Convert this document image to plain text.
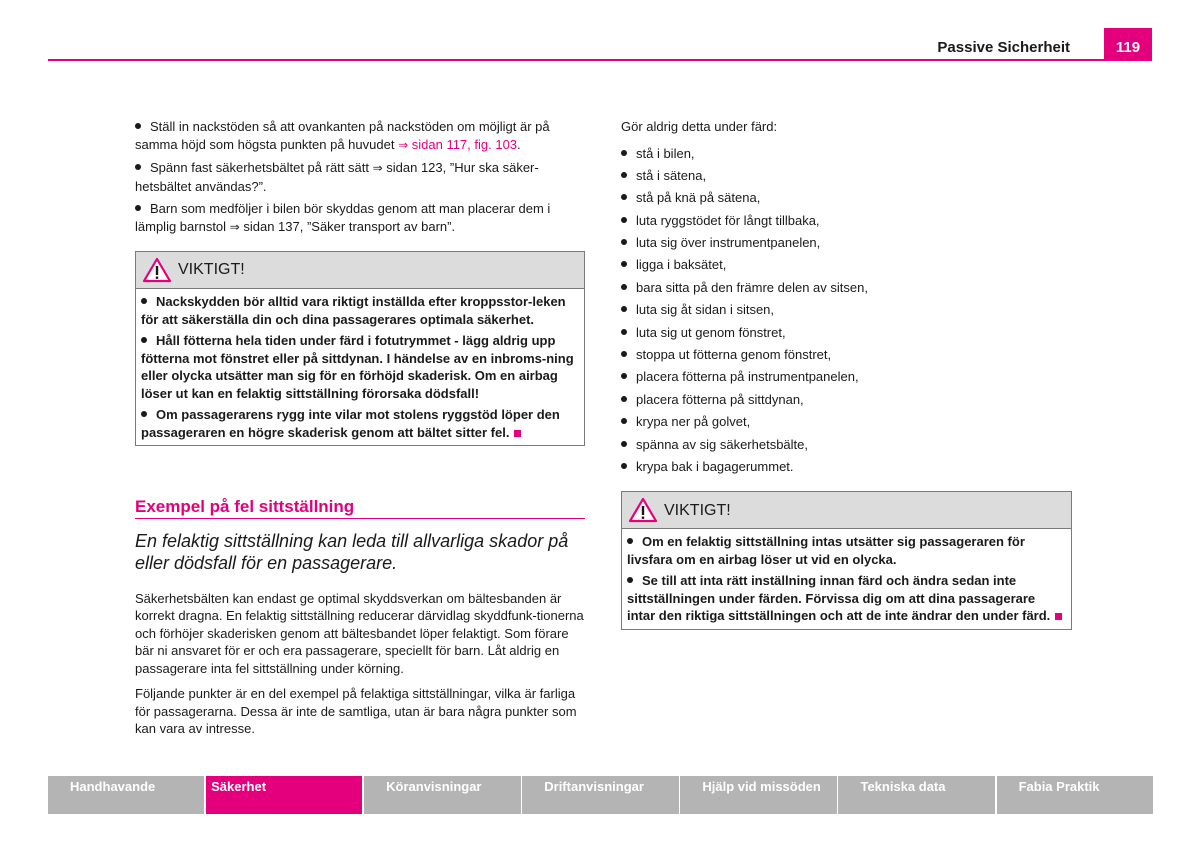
Passive Sicherheit	119
Ställ in nackstöden så att ovankanten på nackstöden om möjligt är på samma höjd som högsta punkten på huvudet ⇒ sidan 117, fig. 103.
Spänn fast säkerhetsbältet på rätt sätt ⇒ sidan 123, ”Hur ska säker-hetsbältet användas?”.
Barn som medföljer i bilen bör skyddas genom att man placerar dem i lämplig barnstol ⇒ sidan 137, ”Säker transport av barn”.
VIKTIGT!
Nackskydden bör alltid vara riktigt inställda efter kroppsstor-leken för att säkerställa din och dina passagerares optimala säkerhet.
Håll fötterna hela tiden under färd i fotutrymmet - lägg aldrig upp fötterna mot fönstret eller på sittdynan. I händelse av en inbroms-ning eller olycka utsätter man sig för en förhöjd skaderisk. Om en airbag löser ut kan en felaktig sittställning förorsaka dödsfall!
Om passagerarens rygg inte vilar mot stolens ryggstöd löper den passageraren en högre skaderisk genom att bältet sitter fel.
Exempel på fel sittställning
En felaktig sittställning kan leda till allvarliga skador på eller dödsfall för en passagerare.
Säkerhetsbälten kan endast ge optimal skyddsverkan om bältesbanden är korrekt dragna. En felaktig sittställning reducerar därvidlag skyddfunk-tionerna och förhöjer skaderisken genom att bältesbandet löper felaktigt. Som förare bär ni ansvaret för er och era passagerare, speciellt för barn. Låt aldrig en passagerare inta fel sittställning under körning.
Följande punkter är en del exempel på felaktiga sittställningar, vilka är farliga för passagerarna. Dessa är inte de samtliga, utan är bara några punkter som kan vara av intresse.
Gör aldrig detta under färd:
stå i bilen,
stå i sätena,
stå på knä på sätena,
luta ryggstödet för långt tillbaka,
luta sig över instrumentpanelen,
ligga i baksätet,
bara sitta på den främre delen av sitsen,
luta sig åt sidan i sitsen,
luta sig ut genom fönstret,
stoppa ut fötterna genom fönstret,
placera fötterna på instrumentpanelen,
placera fötterna på sittdynan,
krypa ner på golvet,
spänna av sig säkerhetsbälte,
krypa bak i bagagerummet.
VIKTIGT!
Om en felaktig sittställning intas utsätter sig passageraren för livsfara om en airbag löser ut vid en olycka.
Se till att inta rätt inställning innan färd och ändra sedan inte sittställningen under färden. Förvissa dig om att dina passagerare intar den riktiga sittställningen och att de inte ändrar den under färd.
Handhavande	Säkerhet	Köranvisningar	Driftanvisningar	Hjälp vid missöden	Tekniska data	Fabia Praktik
